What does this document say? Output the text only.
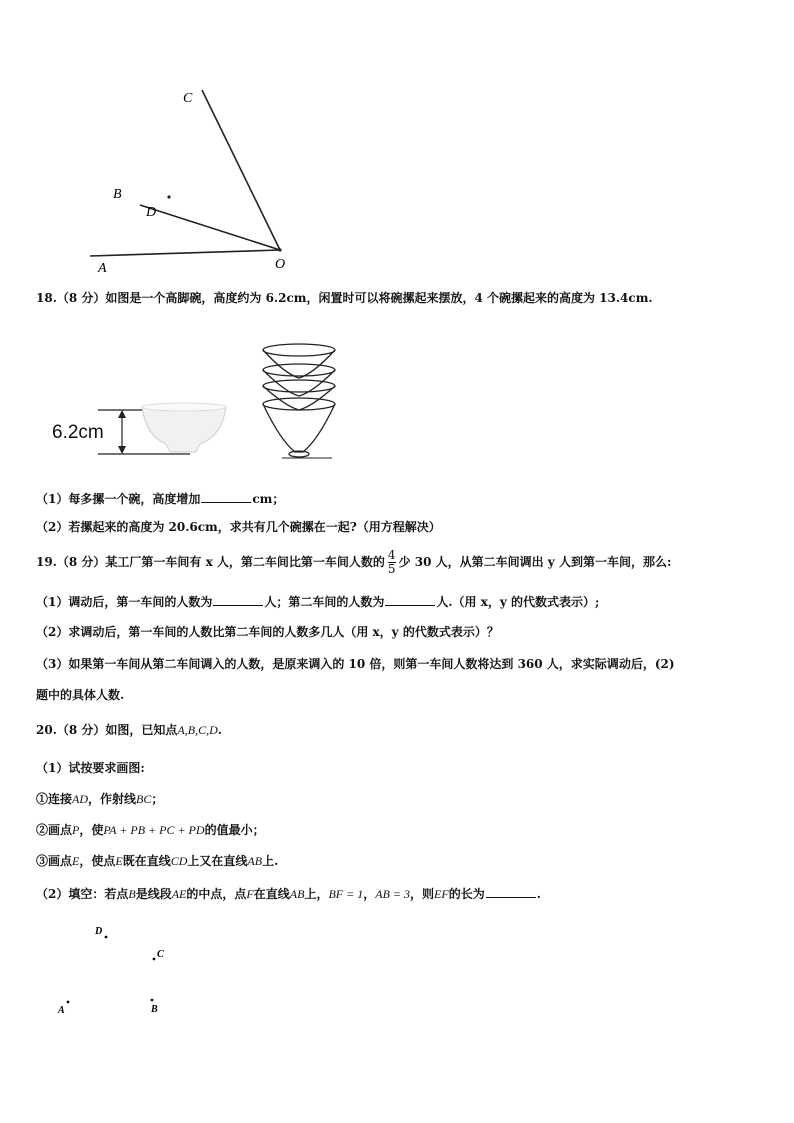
C
B
D
A	O
18.（8 分）如图是一个高脚碗，高度约为 6.2cm，闲置时可以将碗摞起来摆放，4 个碗摞起来的高度为 13.4cm.
6.2cm
（1）每多摞一个碗，高度增加	cm；
（2）若摞起来的高度为 20.6cm，求共有几个碗摞在一起?（用方程解决）
19.（8 分）某工厂第一车间有 x 人，第二车间比第一车间人数的 $\frac{4}{5}$ 少 30 人，从第二车间调出 y 人到第一车间，那么:
（1）调动后，第一车间的人数为	人；第二车间的人数为	人.（用 x，y 的代数式表示）;
（2）求调动后，第一车间的人数比第二车间的人数多几人（用 x，y 的代数式表示）？
（3）如果第一车间从第二车间调入的人数，是原来调入的 10 倍，则第一车间人数将达到 360 人，求实际调动后，(2)
题中的具体人数.
20.（8 分）如图，已知点A,B,C,D.
（1）试按要求画图:
①连接AD，作射线BC；
②画点P，使PA + PB + PC + PD的值最小；
③画点E，使点E既在直线CD上又在直线AB上.
（2）填空：若点B是线段AE的中点，点F在直线AB上，BF = 1，AB = 3，则EF的长为	.
D
C
A	B
